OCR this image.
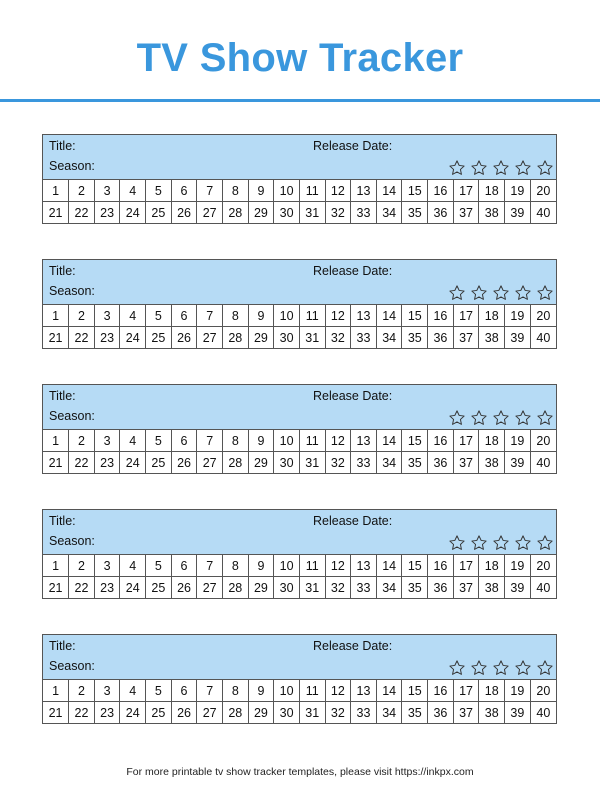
TV Show Tracker
Title:	Release Date:
Season:
1	2	3	4	5	6	7	8	9	10	11	12	13	14	15	16	17	18	19	20
21	22	23	24	25	26	27	28	29	30	31	32	33	34	35	36	37	38	39	40
Title:	Release Date:
Season:
1	2	3	4	5	6	7	8	9	10	11	12	13	14	15	16	17	18	19	20
21	22	23	24	25	26	27	28	29	30	31	32	33	34	35	36	37	38	39	40
Title:	Release Date:
Season:
1	2	3	4	5	6	7	8	9	10	11	12	13	14	15	16	17	18	19	20
21	22	23	24	25	26	27	28	29	30	31	32	33	34	35	36	37	38	39	40
Title:	Release Date:
Season:
1	2	3	4	5	6	7	8	9	10	11	12	13	14	15	16	17	18	19	20
21	22	23	24	25	26	27	28	29	30	31	32	33	34	35	36	37	38	39	40
Title:	Release Date:
Season:
1	2	3	4	5	6	7	8	9	10	11	12	13	14	15	16	17	18	19	20
21	22	23	24	25	26	27	28	29	30	31	32	33	34	35	36	37	38	39	40
For more printable tv show tracker templates, please visit https://inkpx.com
